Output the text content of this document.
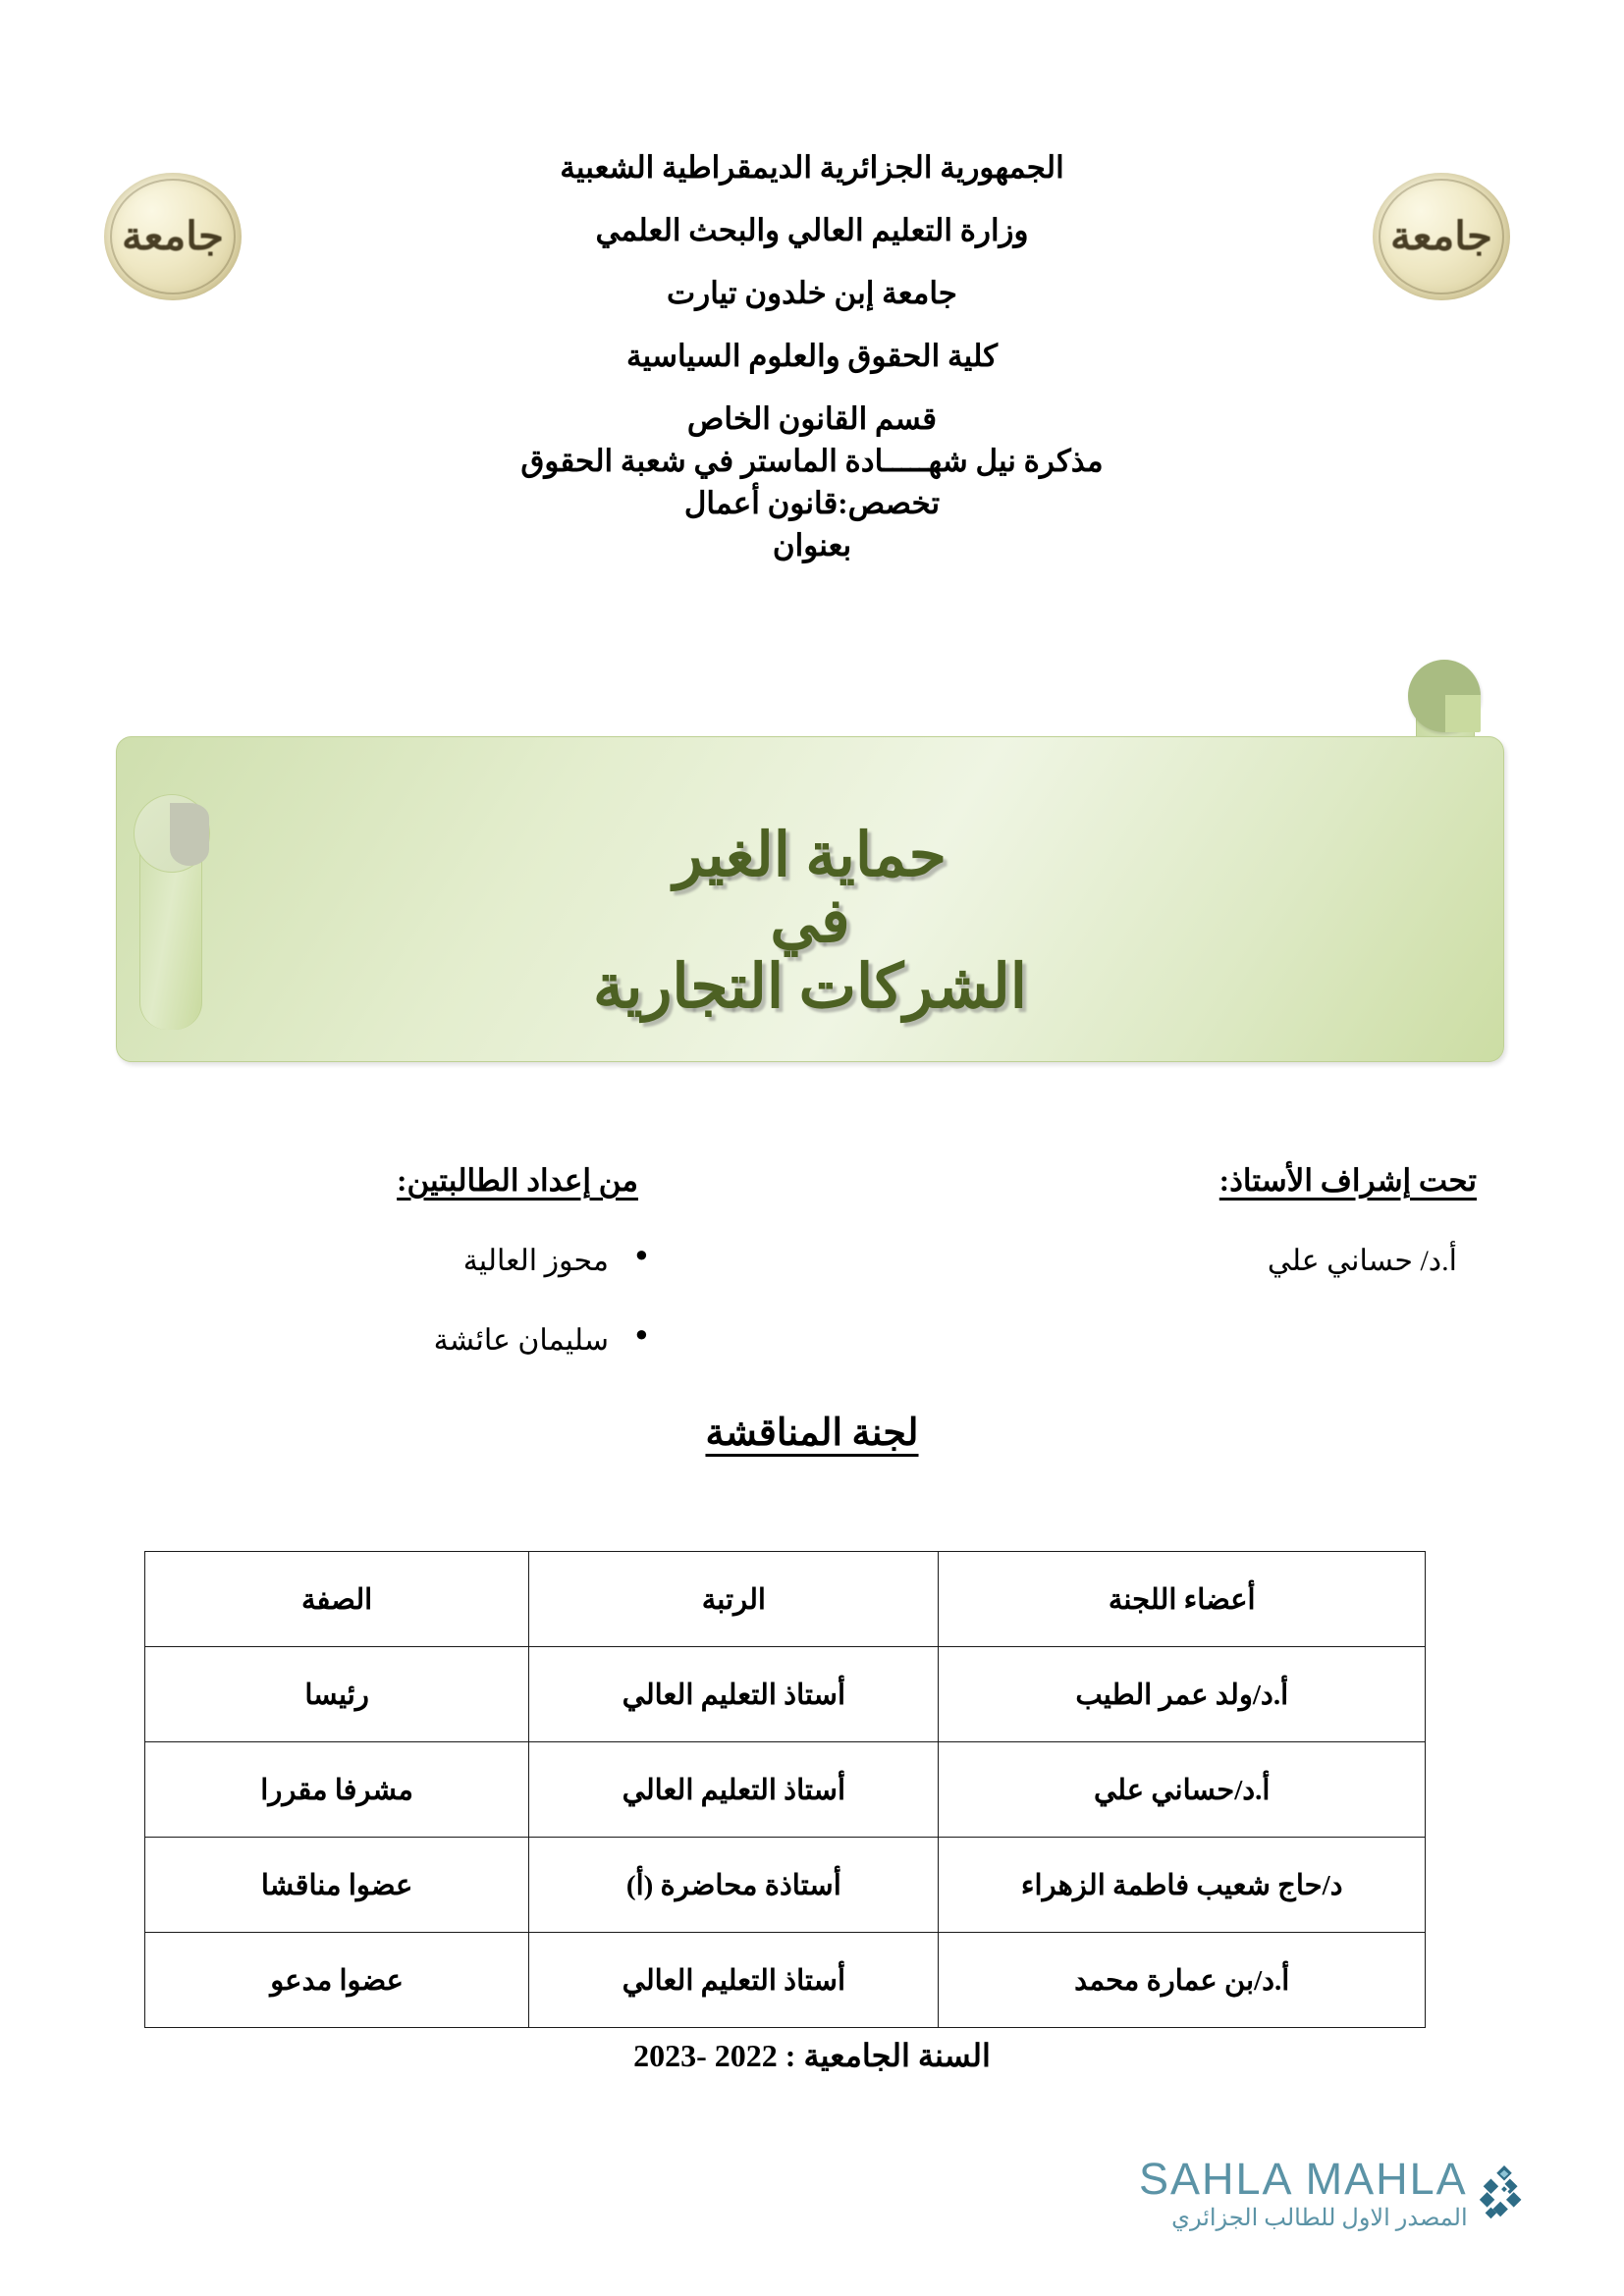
جامعة	جامعة
الجمهورية الجزائرية الديمقراطية الشعبية
وزارة التعليم العالي والبحث العلمي
جامعة إبن خلدون تيارت
كلية الحقوق والعلوم السياسية
قسم القانون الخاص
مذكرة نيل شهـــــادة الماستر في شعبة الحقوق
تخصص:قانون أعمال
بعنوان
حماية الغير
في
الشركات التجارية
من إعداد الطالبتين:
● محوز العالية
● سليمان عائشة
تحت إشراف الأستاذ:
أ.د/ حساني علي
لجنة المناقشة
أعضاء اللجنة	الرتبة	الصفة
أ.د/ولد عمر الطيب	أستاذ التعليم العالي	رئيسا
أ.د/حساني علي	أستاذ التعليم العالي	مشرفا مقررا
د/حاج شعيب فاطمة الزهراء	أستاذة محاضرة (أ)	عضوا مناقشا
أ.د/بن عمارة محمد	أستاذ التعليم العالي	عضوا مدعو
السنة الجامعية : 2022 -2023
SAHLA MAHLA
المصدر الاول للطالب الجزائري
